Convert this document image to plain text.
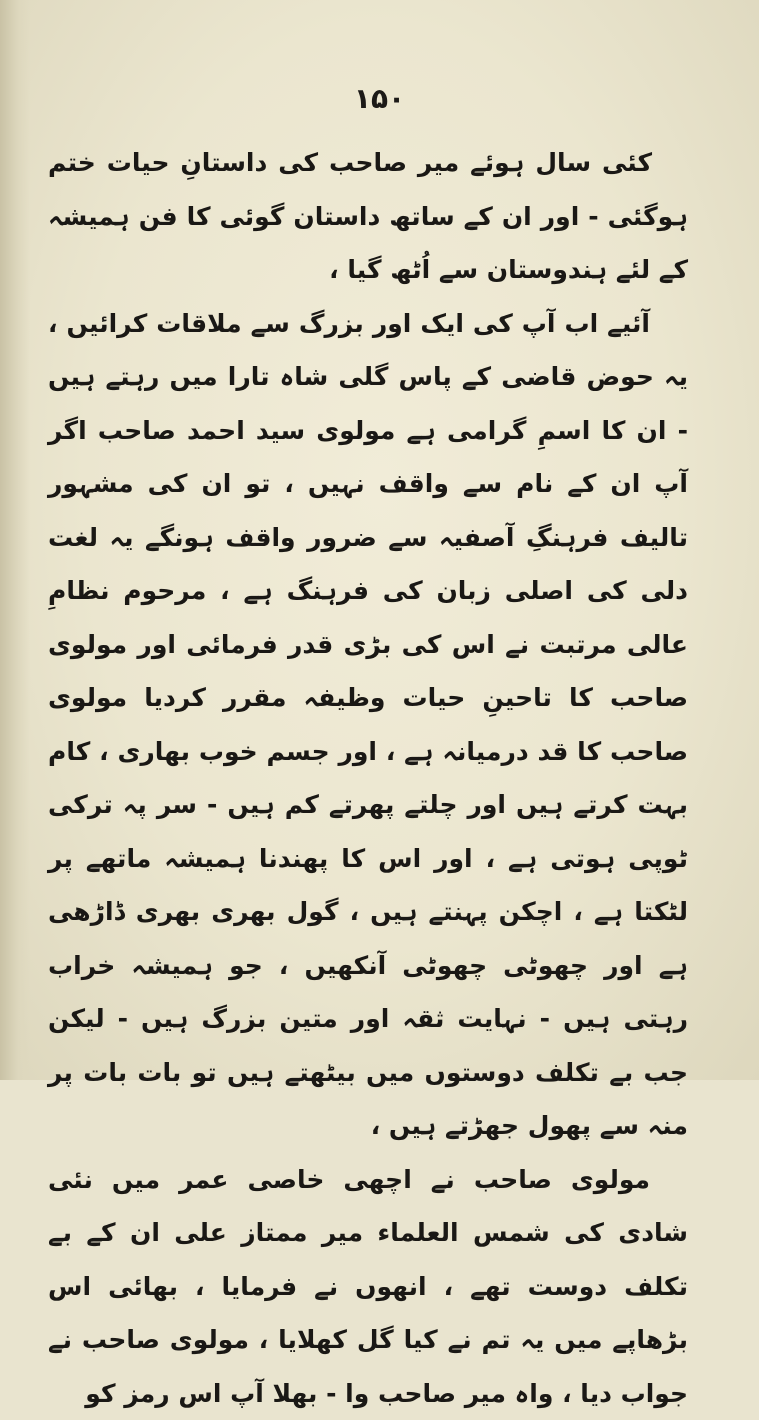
۱۵۰

کئی سال ہوئے میر صاحب کی داستانِ حیات ختم ہوگئی - اور ان کے ساتھ داستان گوئی کا فن ہمیشہ کے لئے ہندوستان سے اُٹھ گیا ،

آئیے اب آپ کی ایک اور بزرگ سے ملاقات کرائیں ، یہ حوض قاضی کے پاس گلی شاہ تارا میں رہتے ہیں - ان کا اسمِ گرامی ہے مولوی سید احمد صاحب اگر آپ ان کے نام سے واقف نہیں ، تو ان کی مشہور تالیف فرہنگِ آصفیہ سے ضرور واقف ہونگے یہ لغت دلی کی اصلی زبان کی فرہنگ ہے ، مرحوم نظامِ عالی مرتبت نے اس کی بڑی قدر فرمائی اور مولوی صاحب کا تاحینِ حیات وظیفہ مقرر کردیا مولوی صاحب کا قد درمیانہ ہے ، اور جسم خوب بھاری ، کام بہت کرتے ہیں اور چلتے پھرتے کم ہیں - سر پہ ترکی ٹوپی ہوتی ہے ، اور اس کا پھندنا ہمیشہ ماتھے پر لٹکتا ہے ، اچکن پہنتے ہیں ، گول بھری بھری ڈاڑھی ہے اور چھوٹی چھوٹی آنکھیں ، جو ہمیشہ خراب رہتی ہیں - نہایت ثقہ اور متین بزرگ ہیں - لیکن جب بے تکلف دوستوں میں بیٹھتے ہیں تو بات بات پر منہ سے پھول جھڑتے ہیں ،

مولوی صاحب نے اچھی خاصی عمر میں نئی شادی کی شمس العلماء میر ممتاز علی ان کے بے تکلف دوست تھے ، انھوں نے فرمایا ، بھائی اس بڑھاپے میں یہ تم نے کیا گل کھلایا ، مولوی صاحب نے جواب دیا ، واہ میر صاحب وا - بھلا آپ اس رمز کو
